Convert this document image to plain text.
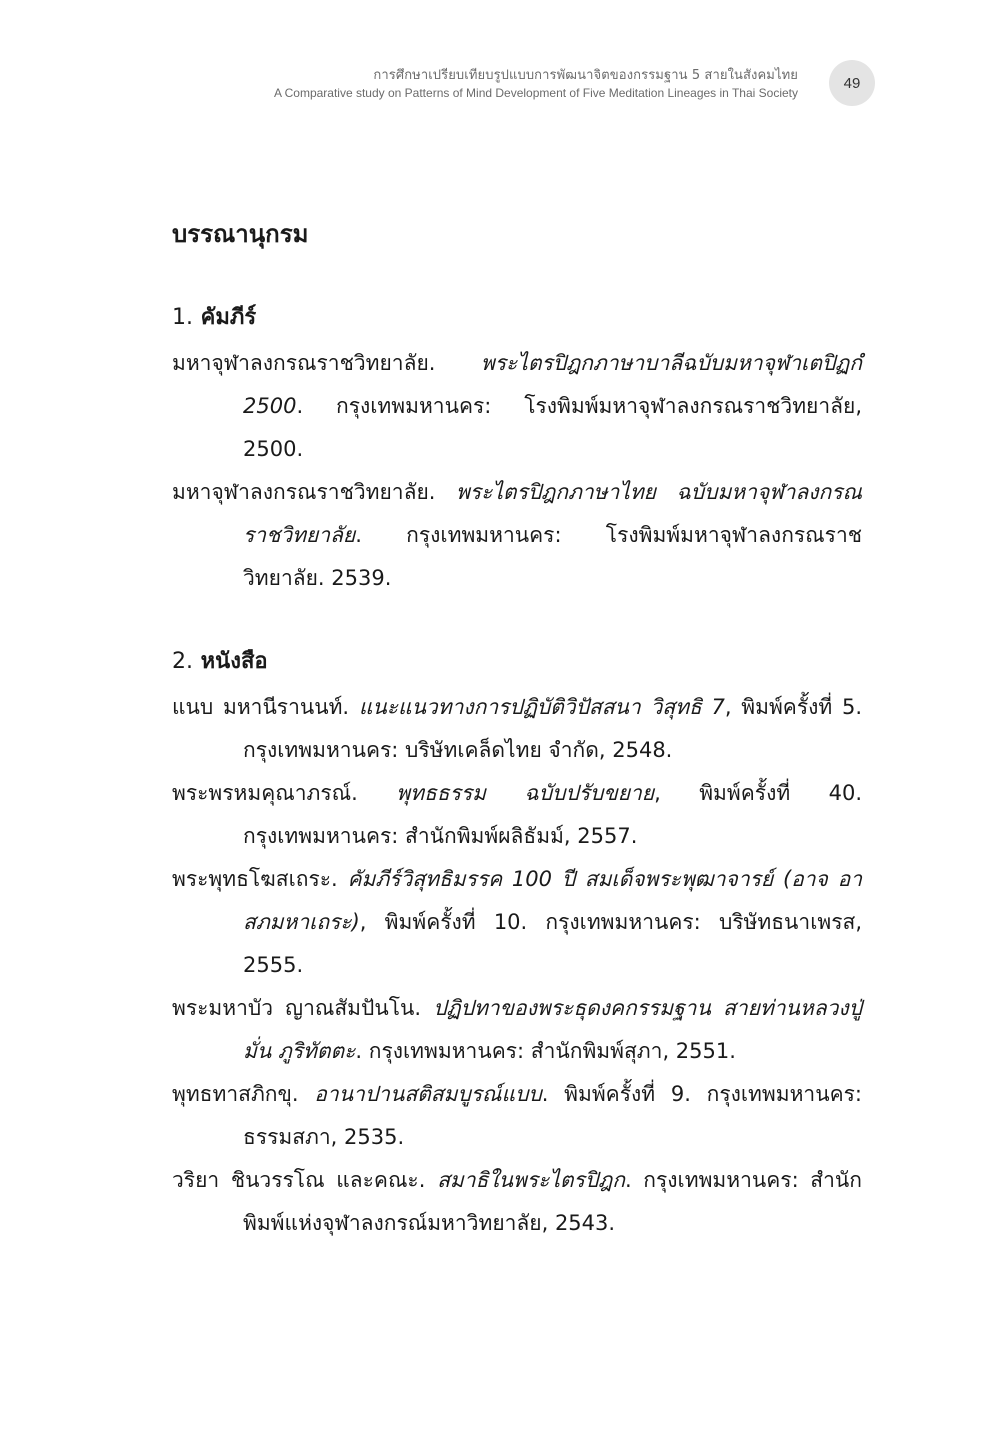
การศึกษาเปรียบเทียบรูปแบบการพัฒนาจิตของกรรมฐาน 5 สายในสังคมไทย
A Comparative study on Patterns of Mind Development of Five Meditation Lineages in Thai Society
49
บรรณานุกรม
1. คัมภีร์

มหาจุฬาลงกรณราชวิทยาลัย. พระไตรปิฎกภาษาบาลีฉบับมหาจุฬาเตปิฏกํ 2500. กรุงเทพมหานคร: โรงพิมพ์มหาจุฬาลงกรณราชวิทยาลัย, 2500.

มหาจุฬาลงกรณราชวิทยาลัย. พระไตรปิฎกภาษาไทย ฉบับมหาจุฬาลงกรณราชวิทยาลัย. กรุงเทพมหานคร: โรงพิมพ์มหาจุฬาลงกรณราชวิทยาลัย. 2539.

2. หนังสือ

แนบ มหานีรานนท์. แนะแนวทางการปฏิบัติวิปัสสนา วิสุทธิ 7, พิมพ์ครั้งที่ 5. กรุงเทพมหานคร: บริษัทเคล็ดไทย จำกัด, 2548.

พระพรหมคุณาภรณ์. พุทธธรรม ฉบับปรับขยาย, พิมพ์ครั้งที่ 40. กรุงเทพมหานคร: สำนักพิมพ์ผลิธัมม์, 2557.

พระพุทธโฆสเถระ. คัมภีร์วิสุทธิมรรค 100 ปี สมเด็จพระพุฒาจารย์ (อาจ อาสภมหาเถระ), พิมพ์ครั้งที่ 10. กรุงเทพมหานคร: บริษัทธนาเพรส, 2555.

พระมหาบัว ญาณสัมปันโน. ปฏิปทาของพระธุดงคกรรมฐาน สายท่านหลวงปู่มั่น ภูริทัตตะ. กรุงเทพมหานคร: สำนักพิมพ์สุภา, 2551.

พุทธทาสภิกขุ. อานาปานสติสมบูรณ์แบบ. พิมพ์ครั้งที่ 9. กรุงเทพมหานคร: ธรรมสภา, 2535.

วริยา ชินวรรโณ และคณะ. สมาธิในพระไตรปิฎก. กรุงเทพมหานคร: สำนักพิมพ์แห่งจุฬาลงกรณ์มหาวิทยาลัย, 2543.
